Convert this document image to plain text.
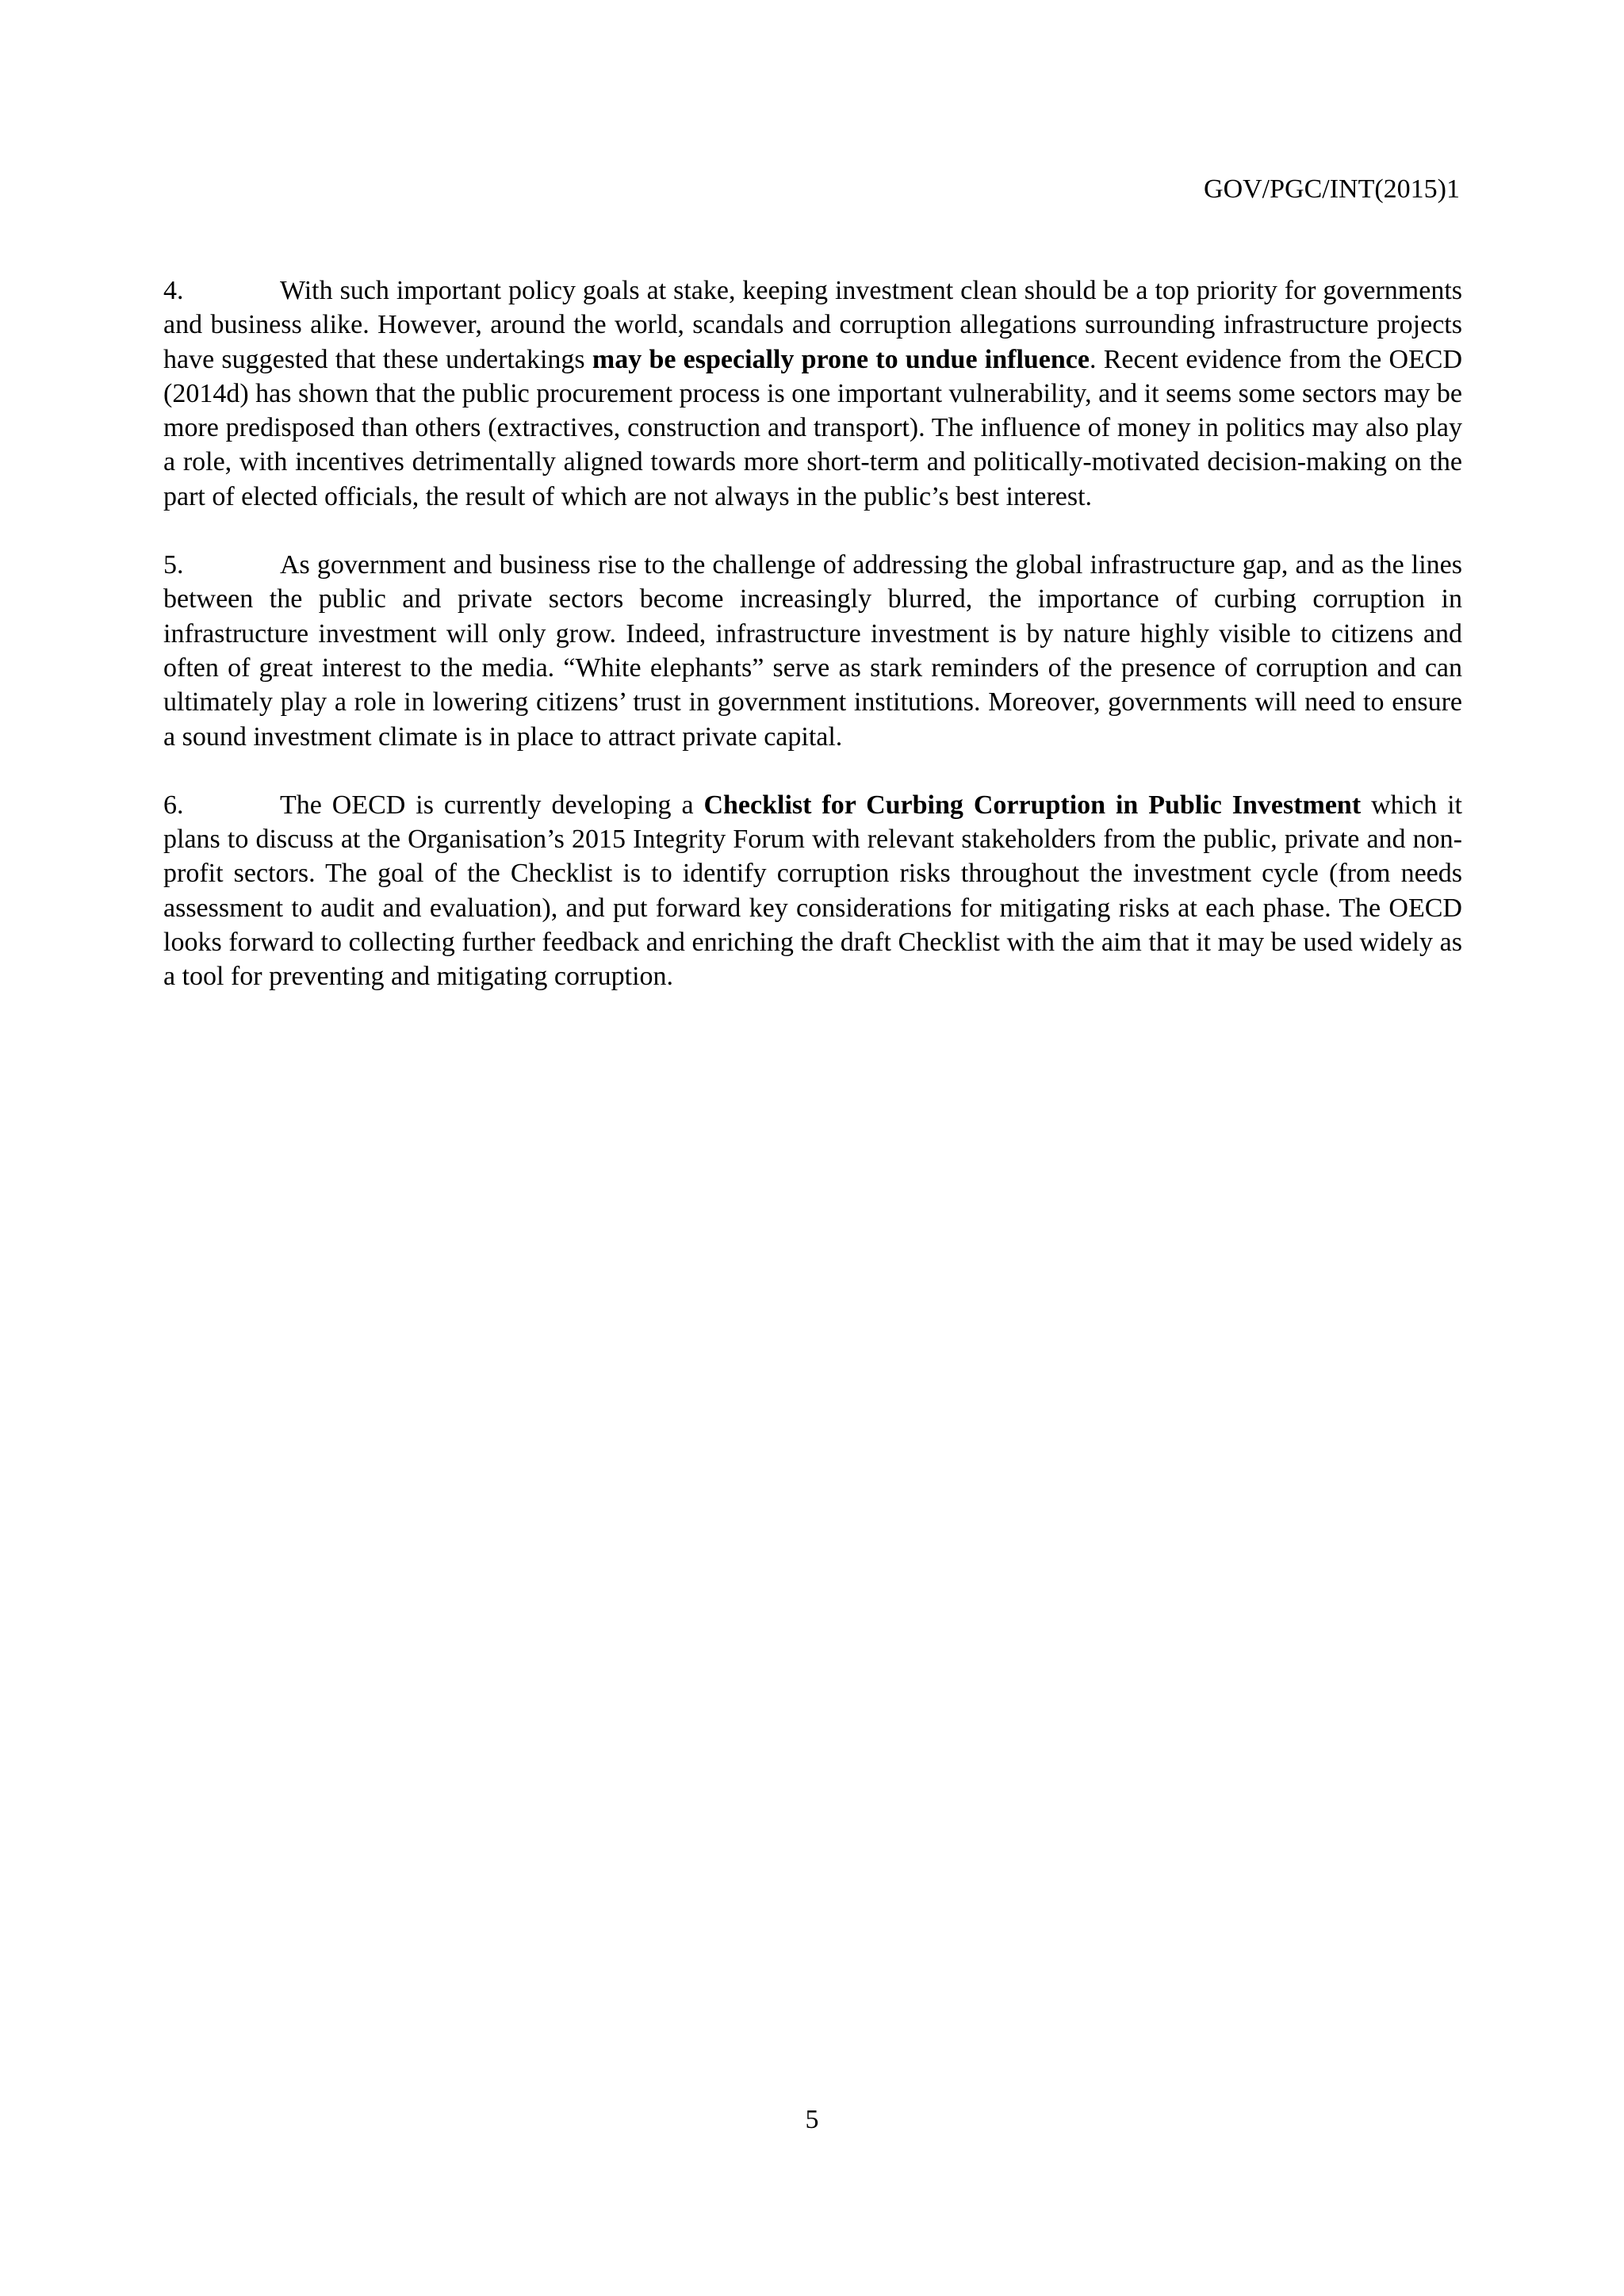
GOV/PGC/INT(2015)1

4.	With such important policy goals at stake, keeping investment clean should be a top priority for governments and business alike. However, around the world, scandals and corruption allegations surrounding infrastructure projects have suggested that these undertakings may be especially prone to undue influence. Recent evidence from the OECD (2014d) has shown that the public procurement process is one important vulnerability, and it seems some sectors may be more predisposed than others (extractives, construction and transport). The influence of money in politics may also play a role, with incentives detrimentally aligned towards more short-term and politically-motivated decision-making on the part of elected officials, the result of which are not always in the public’s best interest.

5.	As government and business rise to the challenge of addressing the global infrastructure gap, and as the lines between the public and private sectors become increasingly blurred, the importance of curbing corruption in infrastructure investment will only grow. Indeed, infrastructure investment is by nature highly visible to citizens and often of great interest to the media. “White elephants” serve as stark reminders of the presence of corruption and can ultimately play a role in lowering citizens’ trust in government institutions. Moreover, governments will need to ensure a sound investment climate is in place to attract private capital.

6.	The OECD is currently developing a Checklist for Curbing Corruption in Public Investment which it plans to discuss at the Organisation’s 2015 Integrity Forum with relevant stakeholders from the public, private and non-profit sectors. The goal of the Checklist is to identify corruption risks throughout the investment cycle (from needs assessment to audit and evaluation), and put forward key considerations for mitigating risks at each phase. The OECD looks forward to collecting further feedback and enriching the draft Checklist with the aim that it may be used widely as a tool for preventing and mitigating corruption.

5
